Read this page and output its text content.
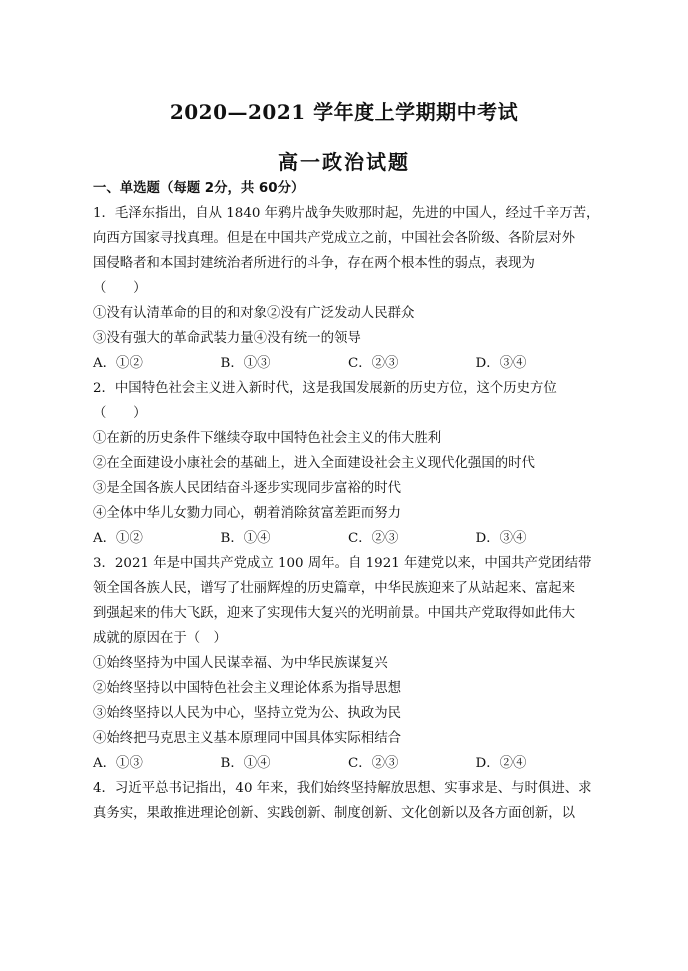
2020—2021 学年度上学期期中考试
高一政治试题
一、单选题（每题 2分，共 60分）
1．毛泽东指出，自从 1840 年鸦片战争失败那时起，先进的中国人，经过千辛万苦，
向西方国家寻找真理。但是在中国共产党成立之前，中国社会各阶级、各阶层对外
国侵略者和本国封建统治者所进行的斗争，存在两个根本性的弱点，表现为
（　　）
①没有认清革命的目的和对象②没有广泛发动人民群众
③没有强大的革命武装力量④没有统一的领导
A．①②	B．①③	C．②③	D．③④
2．中国特色社会主义进入新时代，这是我国发展新的历史方位，这个历史方位
（　　）
①在新的历史条件下继续夺取中国特色社会主义的伟大胜利
②在全面建设小康社会的基础上，进入全面建设社会主义现代化强国的时代
③是全国各族人民团结奋斗逐步实现同步富裕的时代
④全体中华儿女勠力同心，朝着消除贫富差距而努力
A．①②	B．①④	C．②③	D．③④
3．2021 年是中国共产党成立 100 周年。自 1921 年建党以来，中国共产党团结带
领全国各族人民，谱写了壮丽辉煌的历史篇章，中华民族迎来了从站起来、富起来
到强起来的伟大飞跃，迎来了实现伟大复兴的光明前景。中国共产党取得如此伟大
成就的原因在于（　）
①始终坚持为中国人民谋幸福、为中华民族谋复兴
②始终坚持以中国特色社会主义理论体系为指导思想
③始终坚持以人民为中心，坚持立党为公、执政为民
④始终把马克思主义基本原理同中国具体实际相结合
A．①③	B．①④	C．②③	D．②④
4．习近平总书记指出，40 年来，我们始终坚持解放思想、实事求是、与时俱进、求
真务实，果敢推进理论创新、实践创新、制度创新、文化创新以及各方面创新，以
